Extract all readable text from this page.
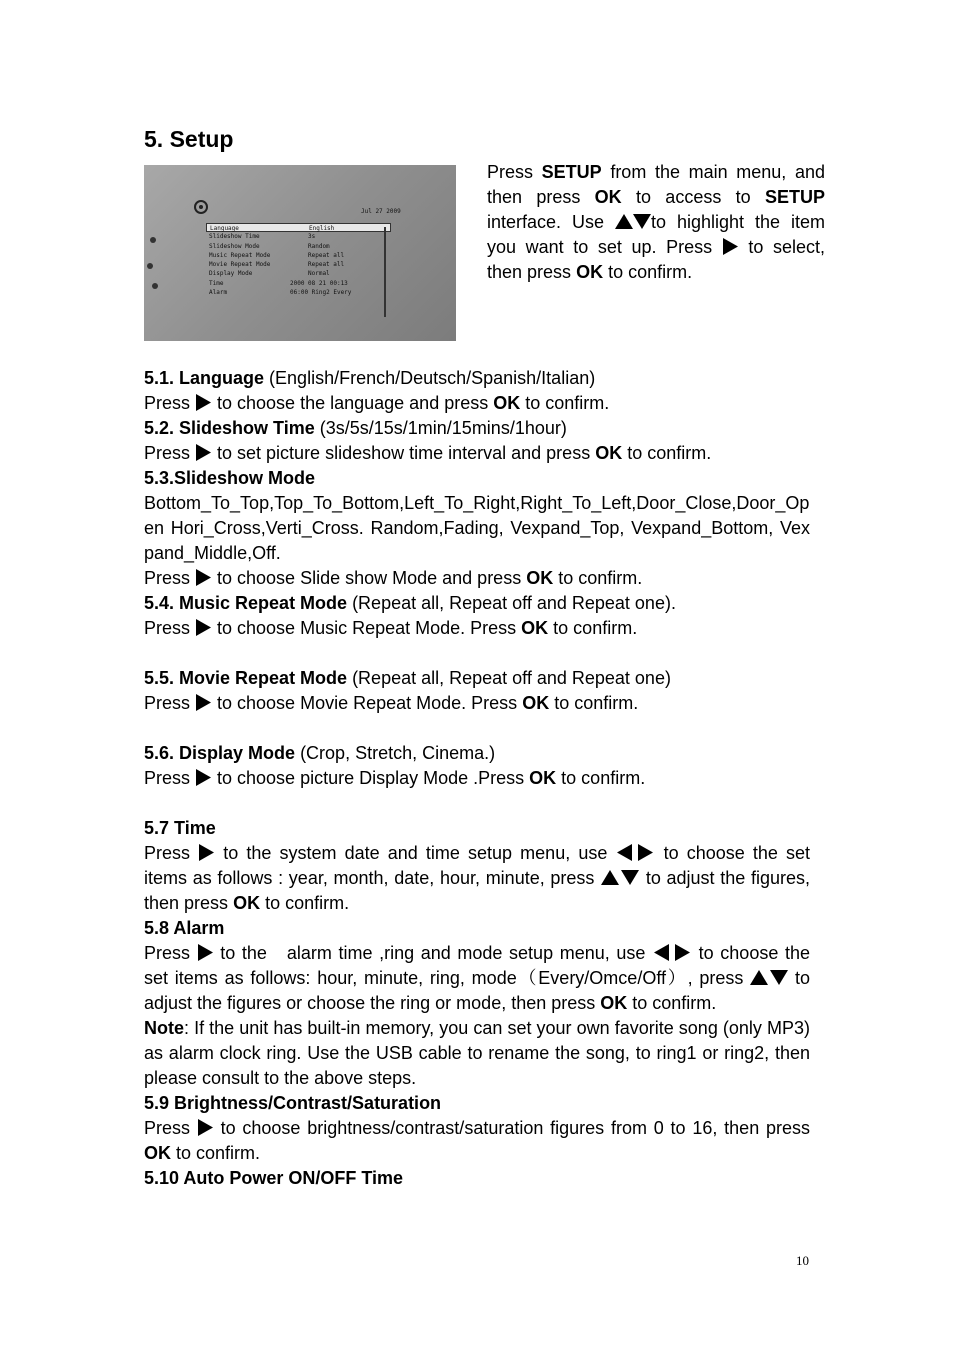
5. Setup
Jul 27 2009
Language	English
Slideshow Time	3s
Slideshow Mode	Random
Music Repeat Mode	Repeat all
Movie Repeat Mode	Repeat all
Display Mode	Normal
Time	2000 08 21 00:13
Alarm	06:00 Ring2 Every
Press SETUP from the main menu, and then press OK to access to SETUP interface. Use to highlight the item you want to set up. Press  to select, then press OK to confirm.

5.1. Language (English/French/Deutsch/Spanish/Italian)

Press  to choose the language and press OK to confirm.

5.2. Slideshow Time (3s/5s/15s/1min/15mins/1hour)

Press  to set picture slideshow time interval and press OK to confirm.

5.3.Slideshow Mode

Bottom_To_Top,Top_To_Bottom,Left_To_Right,Right_To_Left,Door_Close,Door_Open Hori_Cross,Verti_Cross. Random,Fading, Vexpand_Top, Vexpand_Bottom, Vexpand_Middle,Off.

Press  to choose Slide show Mode and press OK to confirm.

5.4. Music Repeat Mode (Repeat all, Repeat off and Repeat one).

Press  to choose Music Repeat Mode. Press OK to confirm.

5.5. Movie Repeat Mode (Repeat all, Repeat off and Repeat one)

Press  to choose Movie Repeat Mode. Press OK to confirm.

5.6. Display Mode (Crop, Stretch, Cinema.)

Press  to choose picture Display Mode .Press OK to confirm.

5.7 Time

Press  to the system date and time setup menu, use  to choose the set items as follows : year, month, date, hour, minute, press  to adjust the figures, then press OK to confirm.

5.8 Alarm

Press  to the   alarm time ,ring and mode setup menu, use  to choose the set items as follows: hour, minute, ring, mode（Every/Omce/Off）, press  to adjust the figures or choose the ring or mode, then press OK to confirm.

Note: If the unit has built-in memory, you can set your own favorite song (only MP3) as alarm clock ring. Use the USB cable to rename the song, to ring1 or ring2, then please consult to the above steps.

5.9 Brightness/Contrast/Saturation

Press  to choose brightness/contrast/saturation figures from 0 to 16, then press OK to confirm.

5.10 Auto Power ON/OFF Time

10
